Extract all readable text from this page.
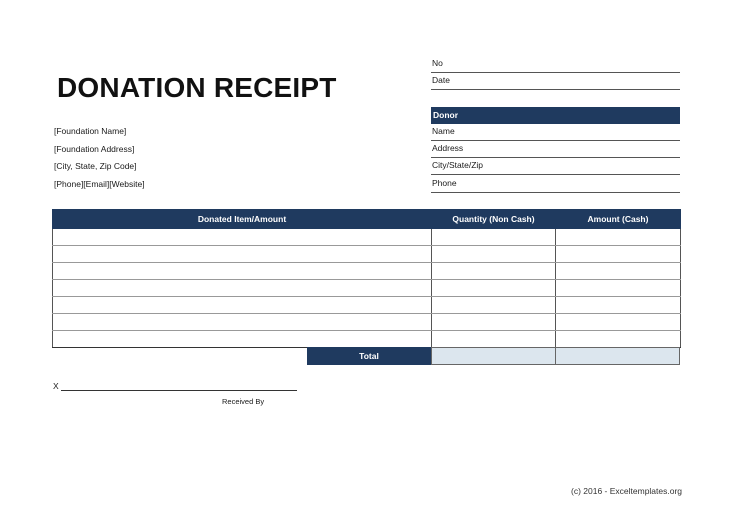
DONATION RECEIPT
[Foundation Name]
[Foundation Address]
[City, State, Zip Code]
[Phone][Email][Website]
No
Date
Donor
Name
Address
City/State/Zip
Phone
Donated Item/Amount	Quantity (Non Cash)	Amount (Cash)

Total
X
Received By
(c) 2016 - Exceltemplates.org
